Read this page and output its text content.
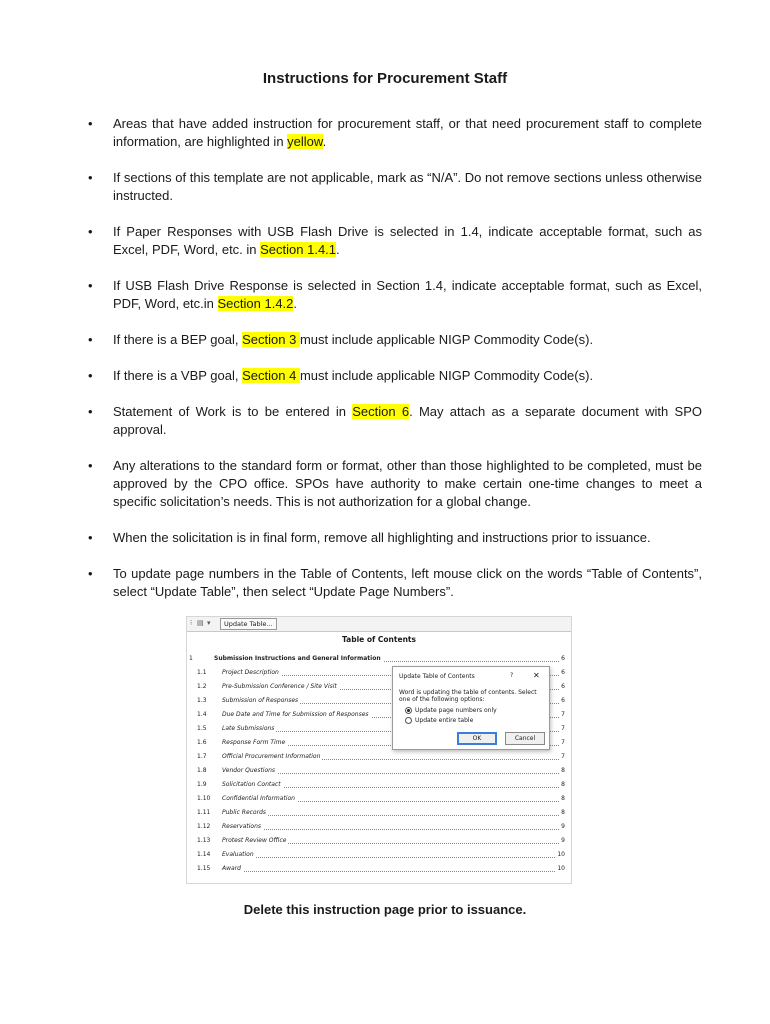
Instructions for Procurement Staff
• Areas that have added instruction for procurement staff, or that need procurement staff to complete information, are highlighted in yellow.
• If sections of this template are not applicable, mark as “N/A”. Do not remove sections unless otherwise instructed.
• If Paper Responses with USB Flash Drive is selected in 1.4, indicate acceptable format, such as Excel, PDF, Word, etc. in Section 1.4.1.
• If USB Flash Drive Response is selected in Section 1.4, indicate acceptable format, such as Excel, PDF, Word, etc.in Section 1.4.2.
• If there is a BEP goal, Section 3 must include applicable NIGP Commodity Code(s).
• If there is a VBP goal, Section 4 must include applicable NIGP Commodity Code(s).
• Statement of Work is to be entered in Section 6. May attach as a separate document with SPO approval.
• Any alterations to the standard form or format, other than those highlighted to be completed, must be approved by the CPO office. SPOs have authority to make certain one-time changes to meet a specific solicitation’s needs. This is not authorization for a global change.
• When the solicitation is in final form, remove all highlighting and instructions prior to issuance.
• To update page numbers in the Table of Contents, left mouse click on the words “Table of Contents”, select “Update Table”, then select “Update Page Numbers”.
⁝ ▤ ▾	Update Table...
Table of Contents
1	Submission Instructions and General Information	6
1.1	Project Description	6
1.2	Pre-Submission Conference / Site Visit	6
1.3	Submission of Responses	6
1.4	Due Date and Time for Submission of Responses	7
1.5	Late Submissions	7
1.6	Response Form Time	7
1.7	Official Procurement Information	7
1.8	Vendor Questions	8
1.9	Solicitation Contact	8
1.10 Confidential Information	8
1.11 Public Records	8
1.12 Reservations	9
1.13 Protest Review Office	9
1.14 Evaluation	10
1.15 Award	10
Update Table of Contents	? ✕
Word is updating the table of contents. Select one of the following options:
Update page numbers only
Update entire table
OK	Cancel
Delete this instruction page prior to issuance.
